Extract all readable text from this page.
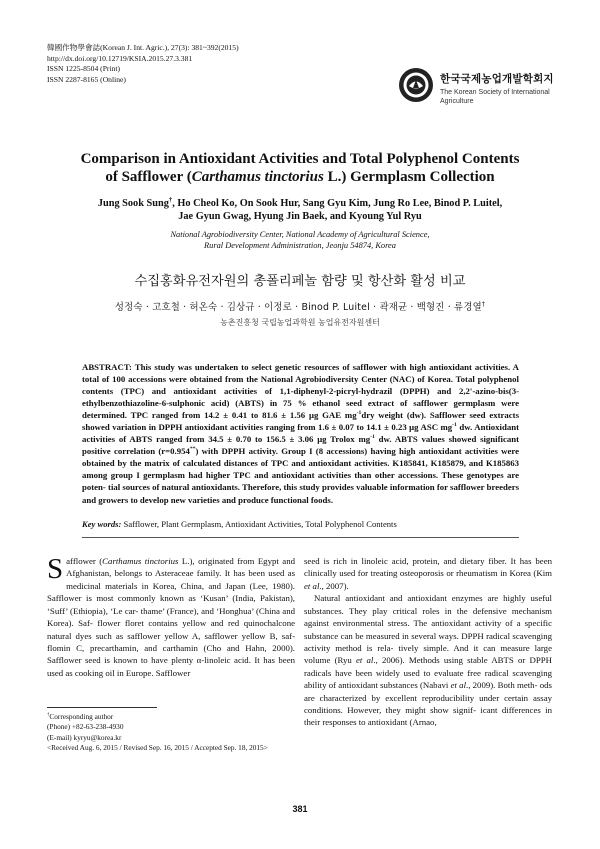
韓國作物學會誌(Korean J. Int. Agric.), 27(3): 381~392(2015)
http://dx.doi.org/10.12719/KSIA.2015.27.3.381
ISSN 1225-8504 (Print)
ISSN 2287-8165 (Online)	한국국제농업개발학회지
The Korean Society of International
Agriculture
Comparison in Antioxidant Activities and Total Polyphenol Contents
of Safflower (Carthamus tinctorius L.) Germplasm Collection
Jung Sook Sung†, Ho Cheol Ko, On Sook Hur, Sang Gyu Kim, Jung Ro Lee, Binod P. Luitel,
Jae Gyun Gwag, Hyung Jin Baek, and Kyoung Yul Ryu
National Agrobiodiversity Center, National Academy of Agricultural Science,
Rural Development Administration, Jeonju 54874, Korea
수집홍화유전자원의 총폴리페놀 함량 및 항산화 활성 비교
성정숙 · 고호철 · 허온숙 · 김상규 · 이정로 · Binod P. Luitel · 곽재균 · 백형진 · 류경열†
농촌진흥청 국립농업과학원 농업유전자원센터
ABSTRACT: This study was undertaken to select genetic resources of safflower with high antioxidant activities. A total of 100 accessions were obtained from the National Agrobiodiversity Center (NAC) of Korea. Total polyphenol contents (TPC) and antioxidant activities of 1,1-diphenyl-2-picryl-hydrazil (DPPH) and 2,2'-azino-bis(3-ethylbenzothiazoline-6-sulphonic acid) (ABTS) in 75 % ethanol seed extract of safflower germplasm were determined. TPC ranged from 14.2 ± 0.41 to 81.6 ± 1.56 μg GAE $mg^{-1}dry$ weight (dw). Safflower seed extracts showed variation in DPPH antioxidant activities ranging from 1.6 ± 0.07 to 14.1 ± 0.23 μg ASC $mg^{-1}$ dw. Antioxidant activities of ABTS ranged from 34.5 ± 0.70 to 156.5 ± 3.06 μg Trolox $mg^{-1}$ dw. ABTS values showed significant positive correlation (r=0.954**) with DPPH activity. Group I (8 accessions) having high antioxidant activities were obtained by the matrix of calculated distances of TPC and antioxidant activities. K185841, K185879, and K185863 among group I germplasm had higher TPC and antioxidant activities than other accessions. These genotypes are poten- tial sources of natural antioxidants. Therefore, this study provides valuable information for safflower breeders and growers to develop new varieties and produce functional foods.
Key words: Safflower, Plant Germplasm, Antioxidant Activities, Total Polyphenol Contents

Safflower (Carthamus tinctorius L.), originated from Egypt and Afghanistan, belongs to Asteraceae family. It has been used as medicinal materials in Korea, China, and Japan (Lee, 1980). Safflower is most commonly known as ‘Kusan’ (India, Pakistan), ‘Suff’ (Ethiopia), ‘Le car- thame’ (France), and ‘Honghua’ (China and Korea). Saf- flower floret contains yellow and red quinochalcone natural dyes such as safflower yellow A, safflower yellow B, saf- flomin C, precarthamin, and carthamin (Cho and Hahn, 2000). Safflower seed is known to have plenty α-linoleic acid. It has been used as cooking oil in Europe. Safflower

seed is rich in linoleic acid, protein, and dietary fiber. It has been clinically used for treating osteoporosis or rheumatism in Korea (Kim et al., 2007).

Natural antioxidant and antioxidant enzymes are highly useful substances. They play critical roles in the defensive mechanism against environmental stress. The antioxidant activity of a specific substance can be measured in several ways. DPPH radical scavenging activity method is rela- tively simple. And it can measure large volume (Ryu et al., 2006). Methods using stable ABTS or DPPH radicals have been widely used to evaluate free radical scavenging ability of antioxidant substances (Nabavi et al., 2009). Both meth- ods are characterized by excellent reproducibility under certain assay conditions. However, they might show signif- icant differences in their responses to antioxidant (Arnao,

†Corresponding author
(Phone) +82-63-238-4930
(E-mail) kyryu@korea.kr
<Received Aug. 6, 2015 / Revised Sep. 16, 2015 / Accepted Sep. 18, 2015>
381
